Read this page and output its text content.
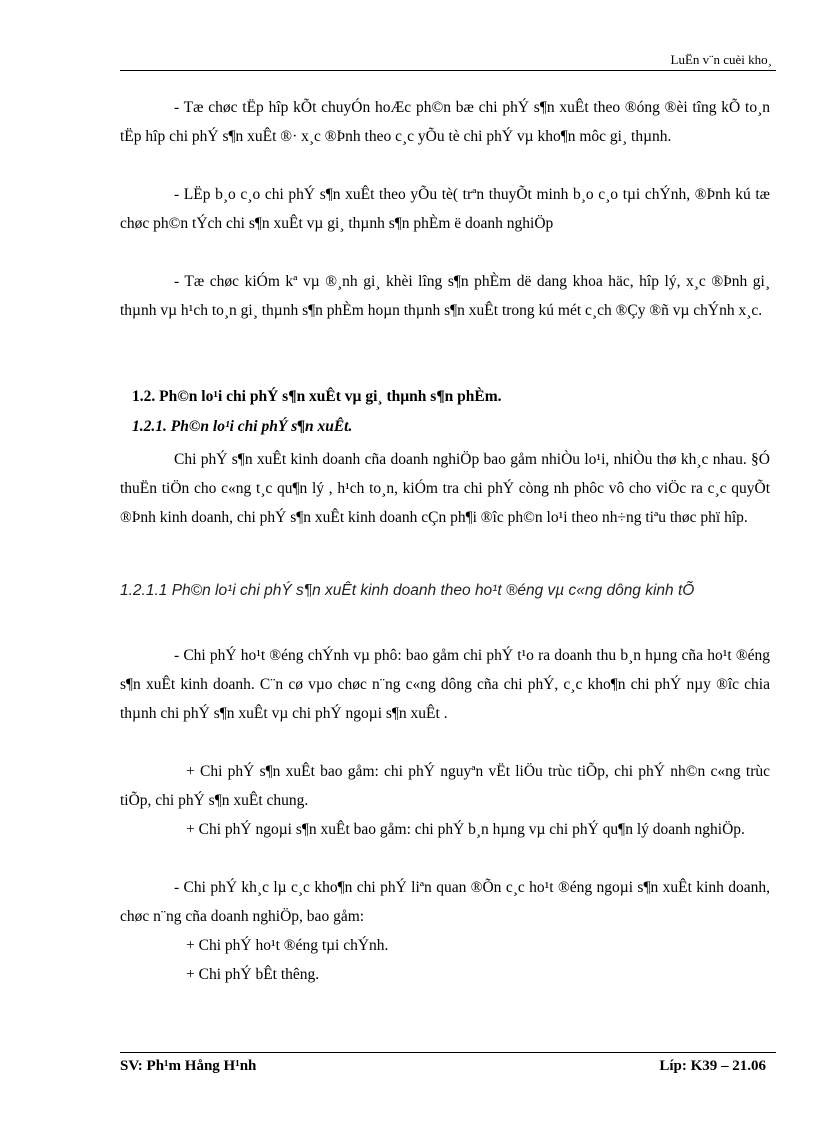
LuËn v¨n cuèi kho¸

- Tæ chøc tËp hîp kÕt chuyÓn hoÆc ph©n bæ chi phÝ s¶n xuÊt theo ®óng ®èi tîng kÕ to¸n tËp hîp chi phÝ s¶n xuÊt ®· x¸c ®Þnh theo c¸c yÕu tè chi phÝ vµ kho¶n môc gi¸ thµnh.

- LËp b¸o c¸o chi phÝ s¶n xuÊt theo yÕu tè( trªn thuyÕt minh b¸o c¸o tµi chÝnh, ®Þnh kú tæ chøc ph©n tÝch chi s¶n xuÊt vµ gi¸ thµnh s¶n phÈm ë doanh nghiÖp

- Tæ chøc kiÓm kª vµ ®¸nh gi¸ khèi lîng s¶n phÈm dë dang khoa häc, hîp lý, x¸c ®Þnh gi¸ thµnh vµ h¹ch to¸n gi¸ thµnh s¶n phÈm hoµn thµnh s¶n xuÊt trong kú mét c¸ch ®Çy ®ñ vµ chÝnh x¸c.

1.2. Ph©n lo¹i chi phÝ s¶n xuÊt vµ gi¸ thµnh s¶n phÈm.
1.2.1. Ph©n lo¹i chi phÝ s¶n xuÊt.

Chi phÝ s¶n xuÊt kinh doanh cña doanh nghiÖp bao gåm nhiÒu lo¹i, nhiÒu thø kh¸c nhau. §Ó thuËn tiÖn cho c«ng t¸c qu¶n lý , h¹ch to¸n, kiÓm tra chi phÝ còng nh phôc vô cho viÖc ra c¸c quyÕt ®Þnh kinh doanh, chi phÝ s¶n xuÊt kinh doanh cÇn ph¶i ®îc ph©n lo¹i theo nh÷ng tiªu thøc phï hîp.

1.2.1.1 Ph©n lo¹i chi phÝ s¶n xuÊt kinh doanh theo ho¹t ®éng vµ c«ng dông kinh tÕ

- Chi phÝ ho¹t ®éng chÝnh vµ phô: bao gåm chi phÝ t¹o ra doanh thu b¸n hµng cña ho¹t ®éng s¶n xuÊt kinh doanh. C¨n cø vµo chøc n¨ng c«ng dông cña chi phÝ, c¸c kho¶n chi phÝ nµy ®îc chia thµnh chi phÝ s¶n xuÊt vµ chi phÝ ngoµi s¶n xuÊt .

+ Chi phÝ s¶n xuÊt bao gåm: chi phÝ nguyªn vËt liÖu trùc tiÕp, chi phÝ nh©n c«ng trùc tiÕp, chi phÝ s¶n xuÊt chung.

+ Chi phÝ ngoµi s¶n xuÊt bao gåm: chi phÝ b¸n hµng vµ chi phÝ qu¶n lý doanh nghiÖp.

- Chi phÝ kh¸c lµ c¸c kho¶n chi phÝ liªn quan ®Õn c¸c ho¹t ®éng ngoµi s¶n xuÊt kinh doanh, chøc n¨ng cña doanh nghiÖp, bao gåm:

+ Chi phÝ ho¹t ®éng tµi chÝnh.

+ Chi phÝ bÊt thêng.

SV: Ph¹m Hång H¹nh	Líp: K39 – 21.06
